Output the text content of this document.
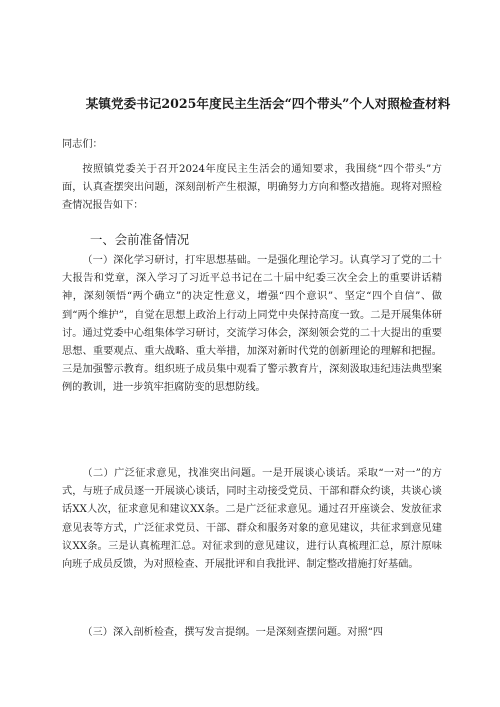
某镇党委书记2025年度民主生活会“四个带头”个人对照检查材料
同志们：
按照镇党委关于召开2024年度民主生活会的通知要求，我围绕“四个带头”方面，认真查摆突出问题，深刻剖析产生根源，明确努力方向和整改措施。现将对照检查情况报告如下：
一、会前准备情况
（一）深化学习研讨，打牢思想基础。一是强化理论学习。认真学习了党的二十大报告和党章，深入学习了习近平总书记在二十届中纪委三次全会上的重要讲话精神，深刻领悟“两个确立”的决定性意义，增强“四个意识”、坚定“四个自信”、做到“两个维护”，自觉在思想上政治上行动上同党中央保持高度一致。二是开展集体研讨。通过党委中心组集体学习研讨，交流学习体会，深刻领会党的二十大提出的重要思想、重要观点、重大战略、重大举措，加深对新时代党的创新理论的理解和把握。三是加强警示教育。组织班子成员集中观看了警示教育片，深刻汲取违纪违法典型案例的教训，进一步筑牢拒腐防变的思想防线。
（二）广泛征求意见，找准突出问题。一是开展谈心谈话。采取“一对一”的方式，与班子成员逐一开展谈心谈话，同时主动接受党员、干部和群众约谈，共谈心谈话XX人次，征求意见和建议XX条。二是广泛征求意见。通过召开座谈会、发放征求意见表等方式，广泛征求党员、干部、群众和服务对象的意见建议，共征求到意见建议XX条。三是认真梳理汇总。对征求到的意见建议，进行认真梳理汇总，原汁原味向班子成员反馈，为对照检查、开展批评和自我批评、制定整改措施打好基础。
（三）深入剖析检查，撰写发言提纲。一是深刻查摆问题。对照“四
